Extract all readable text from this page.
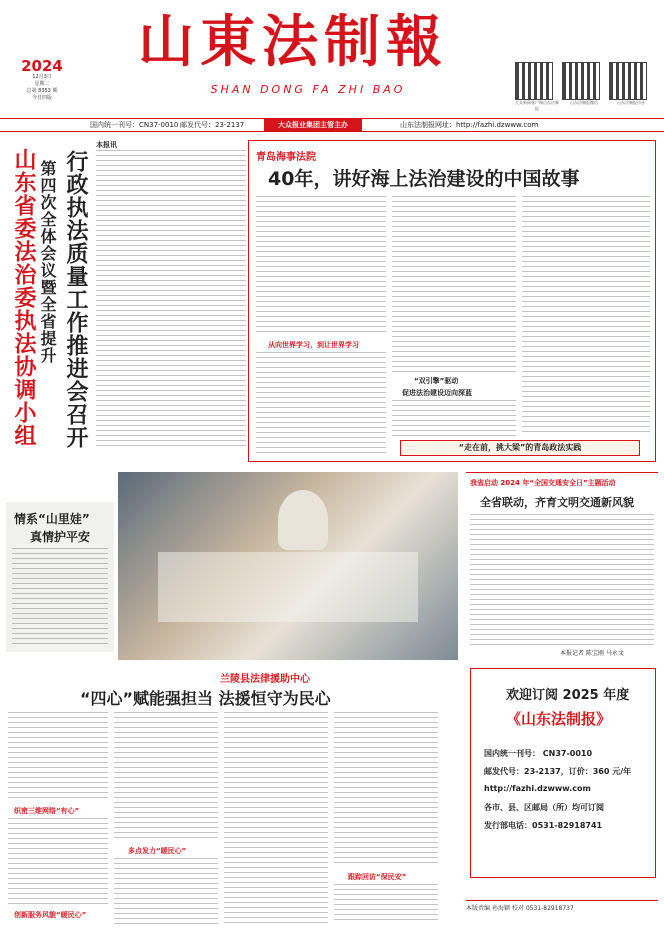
2024
12月3日
星期二
总第 8353 期
今日四版
山東法制報
SHAN DONG FA ZHI BAO
大众新闻客户端山东法制报
山东法制报微信	山东法制报抖音
国内统一刊号：CN37-0010 邮发代号：23-2137	大众报业集团主管主办	山东法制报网址：http://fazhi.dzwww.com
山东省委法治委执法协调小组 第四次全体会议暨全省提升 行政执法质量工作推进会召开
本报讯
青岛海事法院
40年，讲好海上法治建设的中国故事
从向世界学习，到让世界学习
“双引擎”驱动
促进法治建设迈向深蓝
“走在前，挑大梁”的青岛政法实践
情系“山里娃”
真情护平安
我省启动 2024 年“全国交通安全日”主题活动
全省联动，齐育文明交通新风貌
本报记者 陈宝刚 马永文
兰陵县法律援助中心
“四心”赋能强担当 法援恒守为民心
织密三维网络“有心”
创新服务风貌“暖民心”
多点发力“暖民心”
跟踪回访“保民安”
欢迎订阅 2025 年度
《山东法制报》
国内统一刊号： CN37-0010
邮发代号：23-2137，订价：360 元/年
http://fazhi.dzwww.com
各市、县、区邮局（所）均可订阅
发行部电话：0531-82918741
本版责编 孙海颖 校对 0531-82918737
